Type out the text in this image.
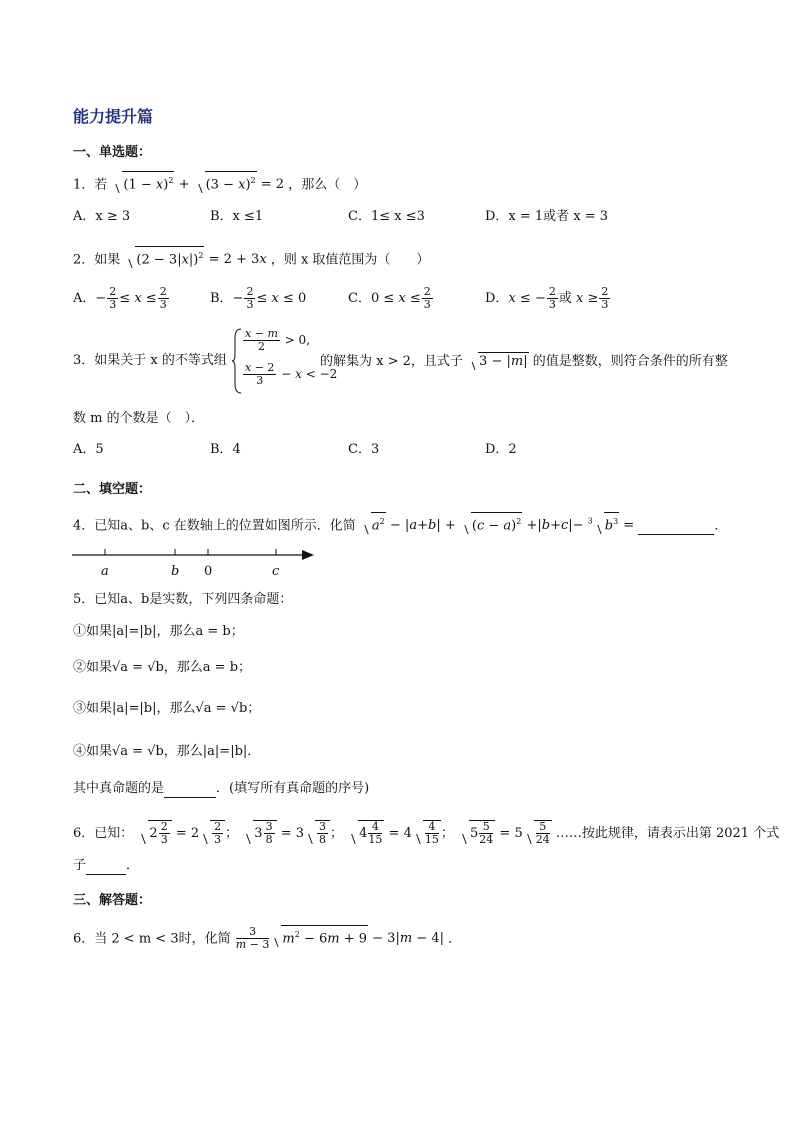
能力提升篇
一、单选题：
1．若 $(1 - x)^2 + (3 - x)^2 = 2$ ，那么（　）
A．x ≥ 3	B．x ≤1	C．1≤ x ≤3	D．x = 1或者 x = 3
2．如果 $(2 - 3|x|)^2 = 2 + 3x$ ，则 x 取值范围为（　　）
A．− $\frac{2}{3} \le x \le \frac{2}{3}$	B．− $\frac{2}{3} \le x \le 0$	C．$0 \le x \le \frac{2}{3}$	D．x ≤ − $\frac{2}{3}$ 或 $x \ge \frac{2}{3}$
3．如果关于 x 的不等式组
$\frac{x - m}{2} > 0$,
$\frac{x - 2}{3} - x < -2$
的解集为 x > 2，且式子 3 − |m| 的值是整数，则符合条件的所有整
数 m 的个数是（　）．
A．5	B．4	C．3	D．2
二、填空题：
4．已知a、b、c 在数轴上的位置如图所示．化简 $a^2 - |a+b| + (c - a)^2 +|b+c|- ^3$ $b^3$ =	．
a	b 0	c
5．已知a、b是实数，下列四条命题：
①如果|a|=|b|，那么a = b；
②如果√a = √b，那么a = b；
③如果|a|=|b|，那么√a = √b；
④如果√a = √b，那么|a|=|b|．
其中真命题的是	．(填写所有真命题的序号)
6．已知： $2 \frac{2}{3} = 2 \frac{2}{3}$ ； $3 \frac{3}{8} = 3 \frac{3}{8}$ ； $4 \frac{4}{15} = 4 \frac{4}{15}$ ； $5 \frac{5}{24} = 5 \frac{5}{24}$ ……按此规律，请表示出第 2021 个式
子	．
三、解答题：
6．当 2 < m < 3时，化简 $\frac{3}{m - 3} m^2 - 6m + 9 - 3|m - 4|$ ．
